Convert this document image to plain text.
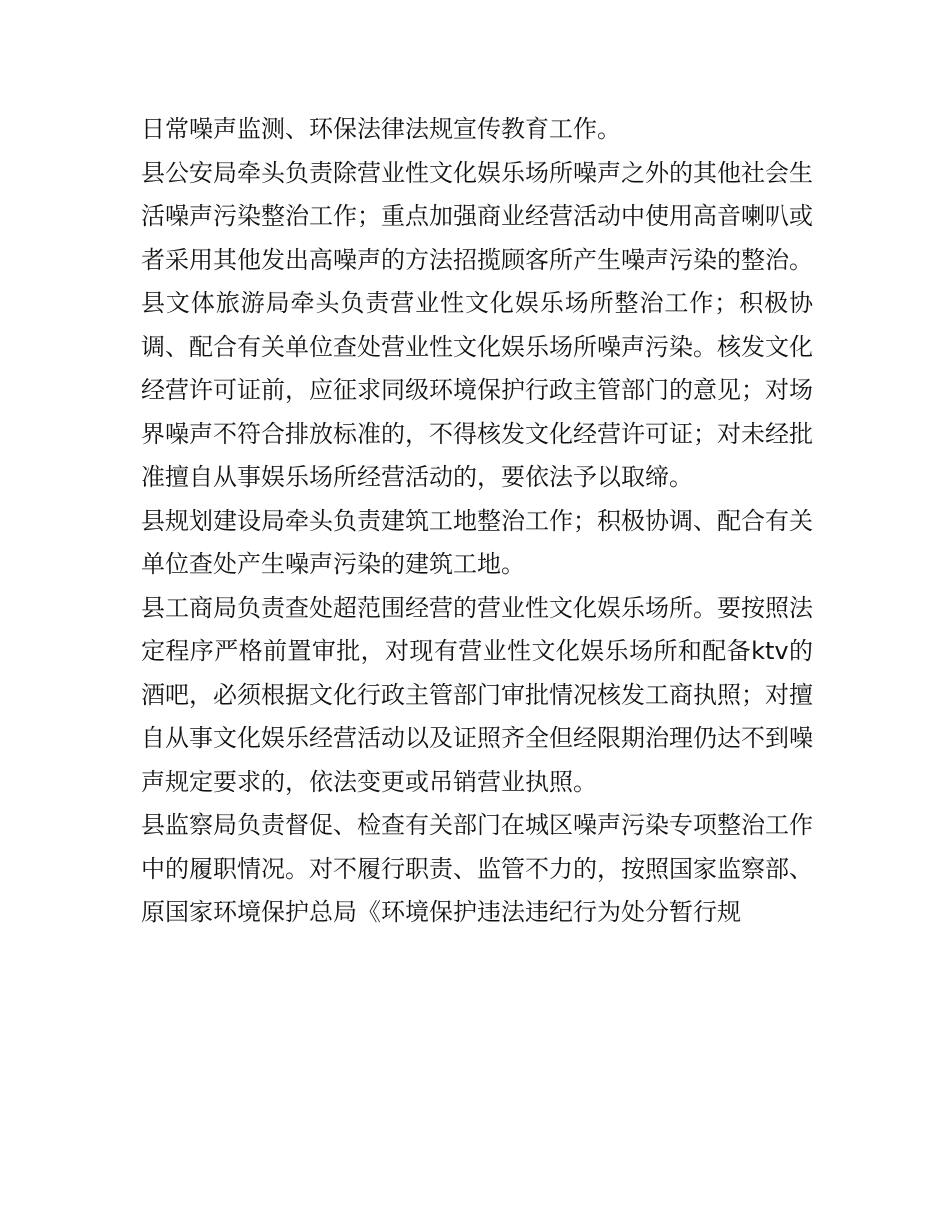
日常噪声监测、环保法律法规宣传教育工作。

县公安局牵头负责除营业性文化娱乐场所噪声之外的其他社会生活噪声污染整治工作；重点加强商业经营活动中使用高音喇叭或者采用其他发出高噪声的方法招揽顾客所产生噪声污染的整治。

县文体旅游局牵头负责营业性文化娱乐场所整治工作；积极协调、配合有关单位查处营业性文化娱乐场所噪声污染。核发文化经营许可证前，应征求同级环境保护行政主管部门的意见；对场界噪声不符合排放标准的，不得核发文化经营许可证；对未经批准擅自从事娱乐场所经营活动的，要依法予以取缔。

县规划建设局牵头负责建筑工地整治工作；积极协调、配合有关单位查处产生噪声污染的建筑工地。

县工商局负责查处超范围经营的营业性文化娱乐场所。要按照法定程序严格前置审批，对现有营业性文化娱乐场所和配备ktv的酒吧，必须根据文化行政主管部门审批情况核发工商执照；对擅自从事文化娱乐经营活动以及证照齐全但经限期治理仍达不到噪声规定要求的，依法变更或吊销营业执照。

县监察局负责督促、检查有关部门在城区噪声污染专项整治工作中的履职情况。对不履行职责、监管不力的，按照国家监察部、原国家环境保护总局《环境保护违法违纪行为处分暂行规
